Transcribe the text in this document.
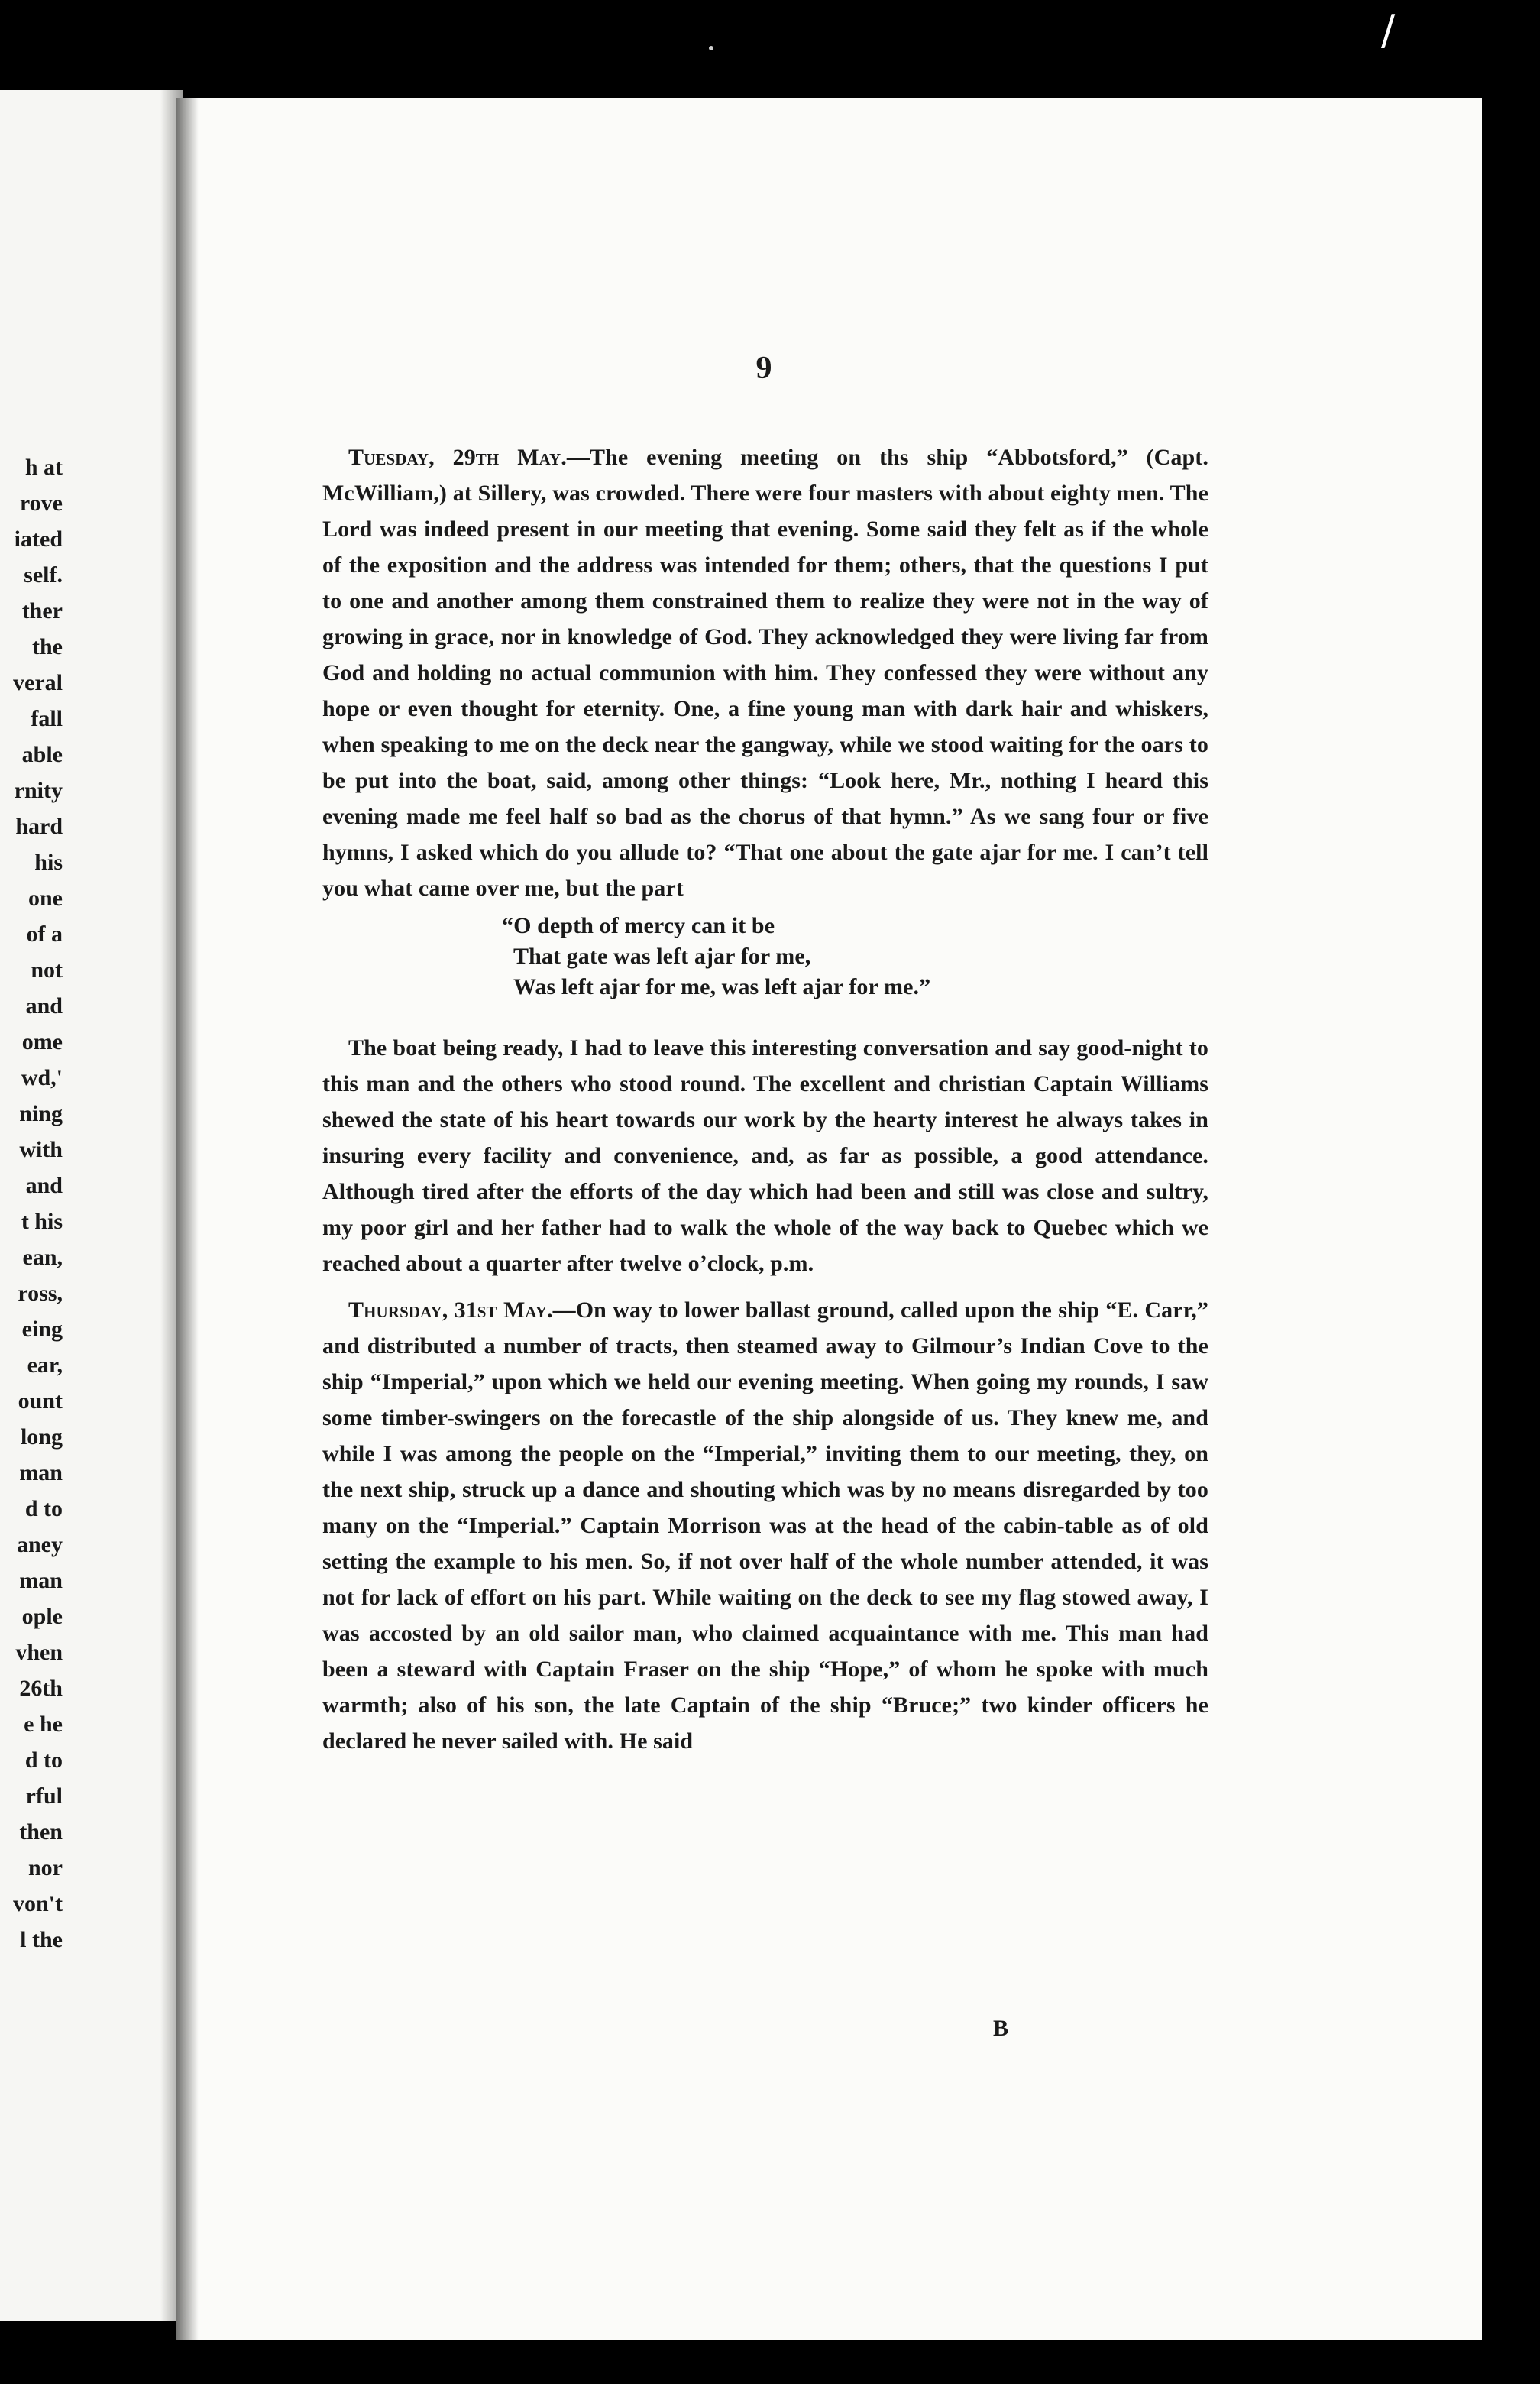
/
h at
rove
iated
self.
ther
the
veral
fall
able
rnity
hard
his
one
of a
not
and
ome
wd,'
ning
with
and
t his
ean,
ross,
eing
ear,
ount
long
man
d to
aney
man
ople
vhen
26th
e he
d to
rful
then
nor
von't
l the
9

Tuesday, 29th May.—The evening meeting on ths ship “Abbotsford,” (Capt. McWilliam,) at Sillery, was crowded. There were four masters with about eighty men. The Lord was indeed present in our meeting that evening. Some said they felt as if the whole of the exposition and the address was intended for them; others, that the questions I put to one and another among them constrained them to realize they were not in the way of growing in grace, nor in knowledge of God. They acknowledged they were living far from God and holding no actual communion with him. They confessed they were without any hope or even thought for eternity. One, a fine young man with dark hair and whiskers, when speaking to me on the deck near the gangway, while we stood waiting for the oars to be put into the boat, said, among other things: “Look here, Mr., nothing I heard this evening made me feel half so bad as the chorus of that hymn.” As we sang four or five hymns, I asked which do you allude to? “That one about the gate ajar for me. I can’t tell you what came over me, but the part

“O depth of mercy can it be
That gate was left ajar for me,
Was left ajar for me, was left ajar for me.”

The boat being ready, I had to leave this interesting conversation and say good-night to this man and the others who stood round. The excellent and christian Captain Williams shewed the state of his heart towards our work by the hearty interest he always takes in insuring every facility and convenience, and, as far as possible, a good attendance. Although tired after the efforts of the day which had been and still was close and sultry, my poor girl and her father had to walk the whole of the way back to Quebec which we reached about a quarter after twelve o’clock, p.m.

Thursday, 31st May.—On way to lower ballast ground, called upon the ship “E. Carr,” and distributed a number of tracts, then steamed away to Gilmour’s Indian Cove to the ship “Imperial,” upon which we held our evening meeting. When going my rounds, I saw some timber-swingers on the forecastle of the ship alongside of us. They knew me, and while I was among the people on the “Imperial,” inviting them to our meeting, they, on the next ship, struck up a dance and shouting which was by no means disregarded by too many on the “Imperial.” Captain Morrison was at the head of the cabin-table as of old setting the example to his men. So, if not over half of the whole number attended, it was not for lack of effort on his part. While waiting on the deck to see my flag stowed away, I was accosted by an old sailor man, who claimed acquaintance with me. This man had been a steward with Captain Fraser on the ship “Hope,” of whom he spoke with much warmth; also of his son, the late Captain of the ship “Bruce;” two kinder officers he declared he never sailed with. He said

B
